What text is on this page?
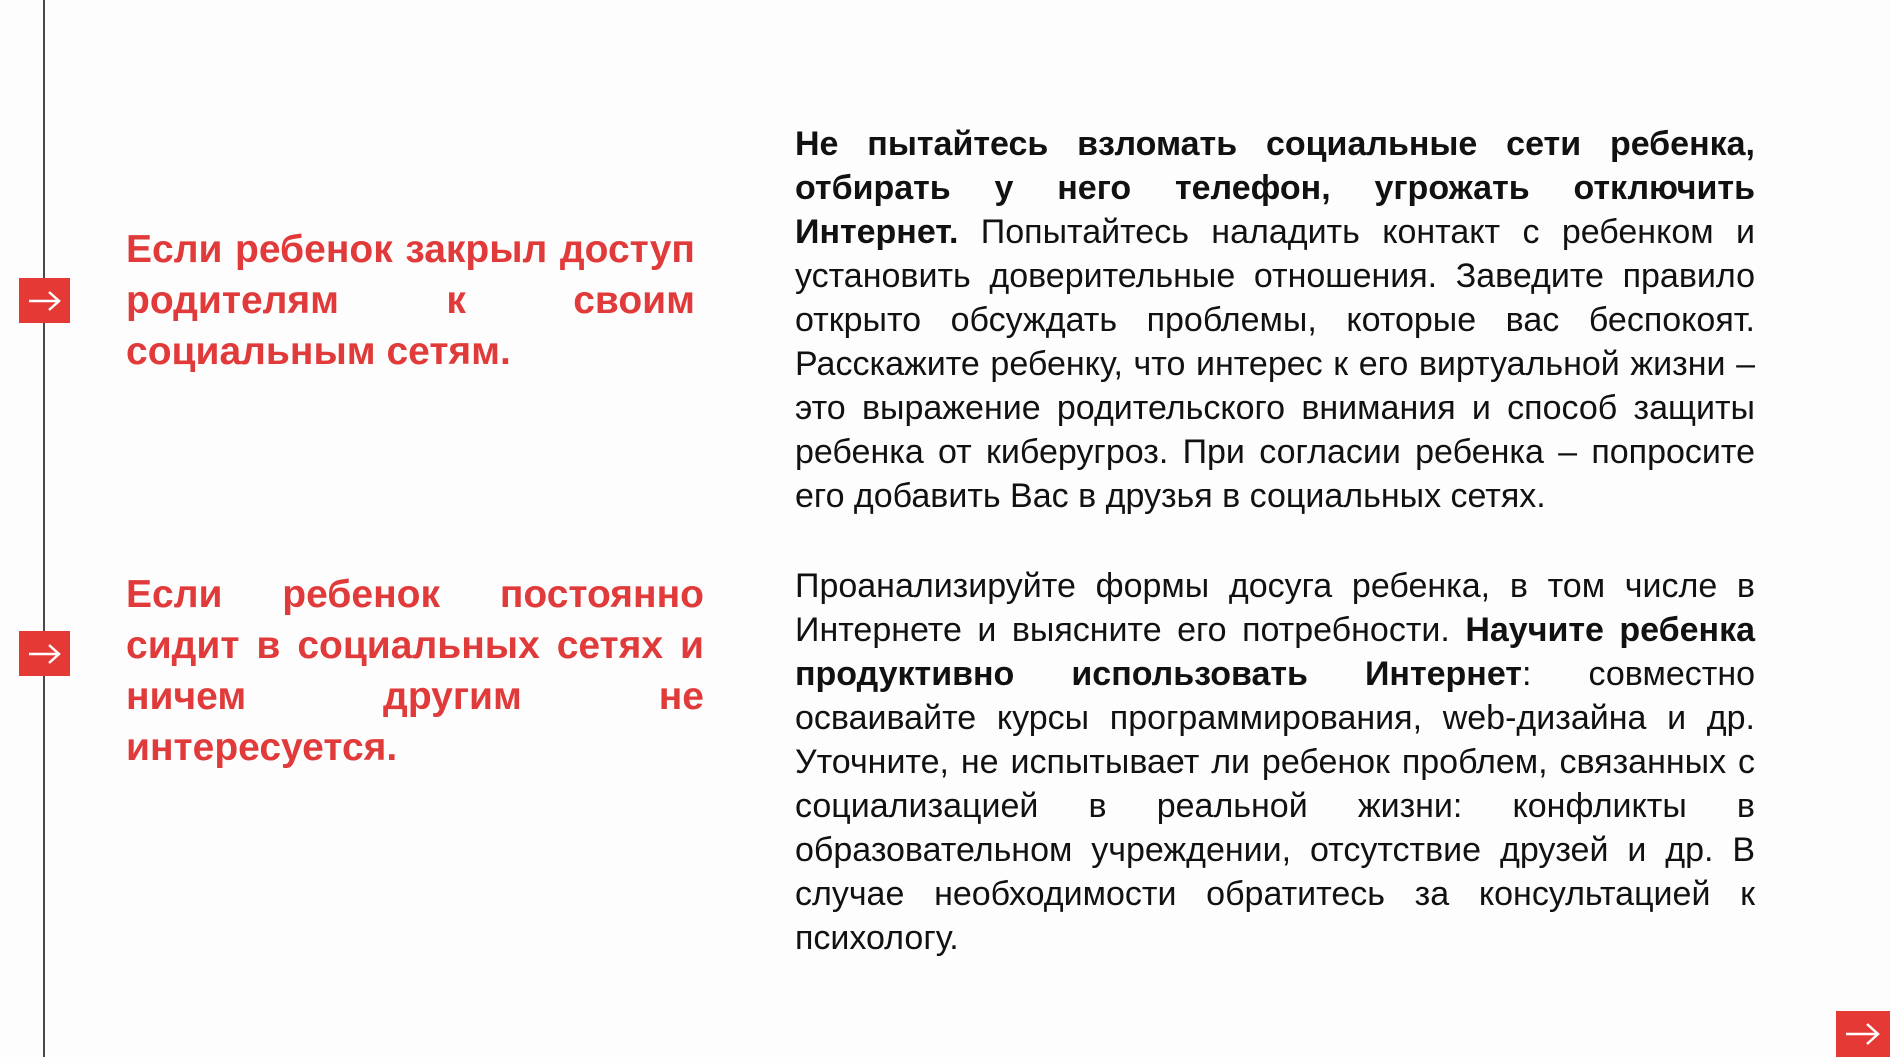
Если ребенок закрыл доступ родителям к своим социальным сетям.

Не пытайтесь взломать социальные сети ребенка, отбирать у него телефон, угрожать отключить Интернет. Попытайтесь наладить контакт с ребенком и установить доверительные отношения. Заведите правило открыто обсуждать проблемы, которые вас беспокоят. Расскажите ребенку, что интерес к его виртуальной жизни – это выражение родительского внимания и способ защиты ребенка от киберугроз. При согласии ребенка – попросите его добавить Вас в друзья в социальных сетях.

Если ребенок постоянно сидит в социальных сетях и ничем другим не интересуется.

Проанализируйте формы досуга ребенка, в том числе в Интернете и выясните его потребности. Научите ребенка продуктивно использовать Интернет: совместно осваивайте курсы программирования, web-дизайна и др. Уточните, не испытывает ли ребенок проблем, связанных с социализацией в реальной жизни: конфликты в образовательном учреждении, отсутствие друзей и др. В случае необходимости обратитесь за консультацией к психологу.
